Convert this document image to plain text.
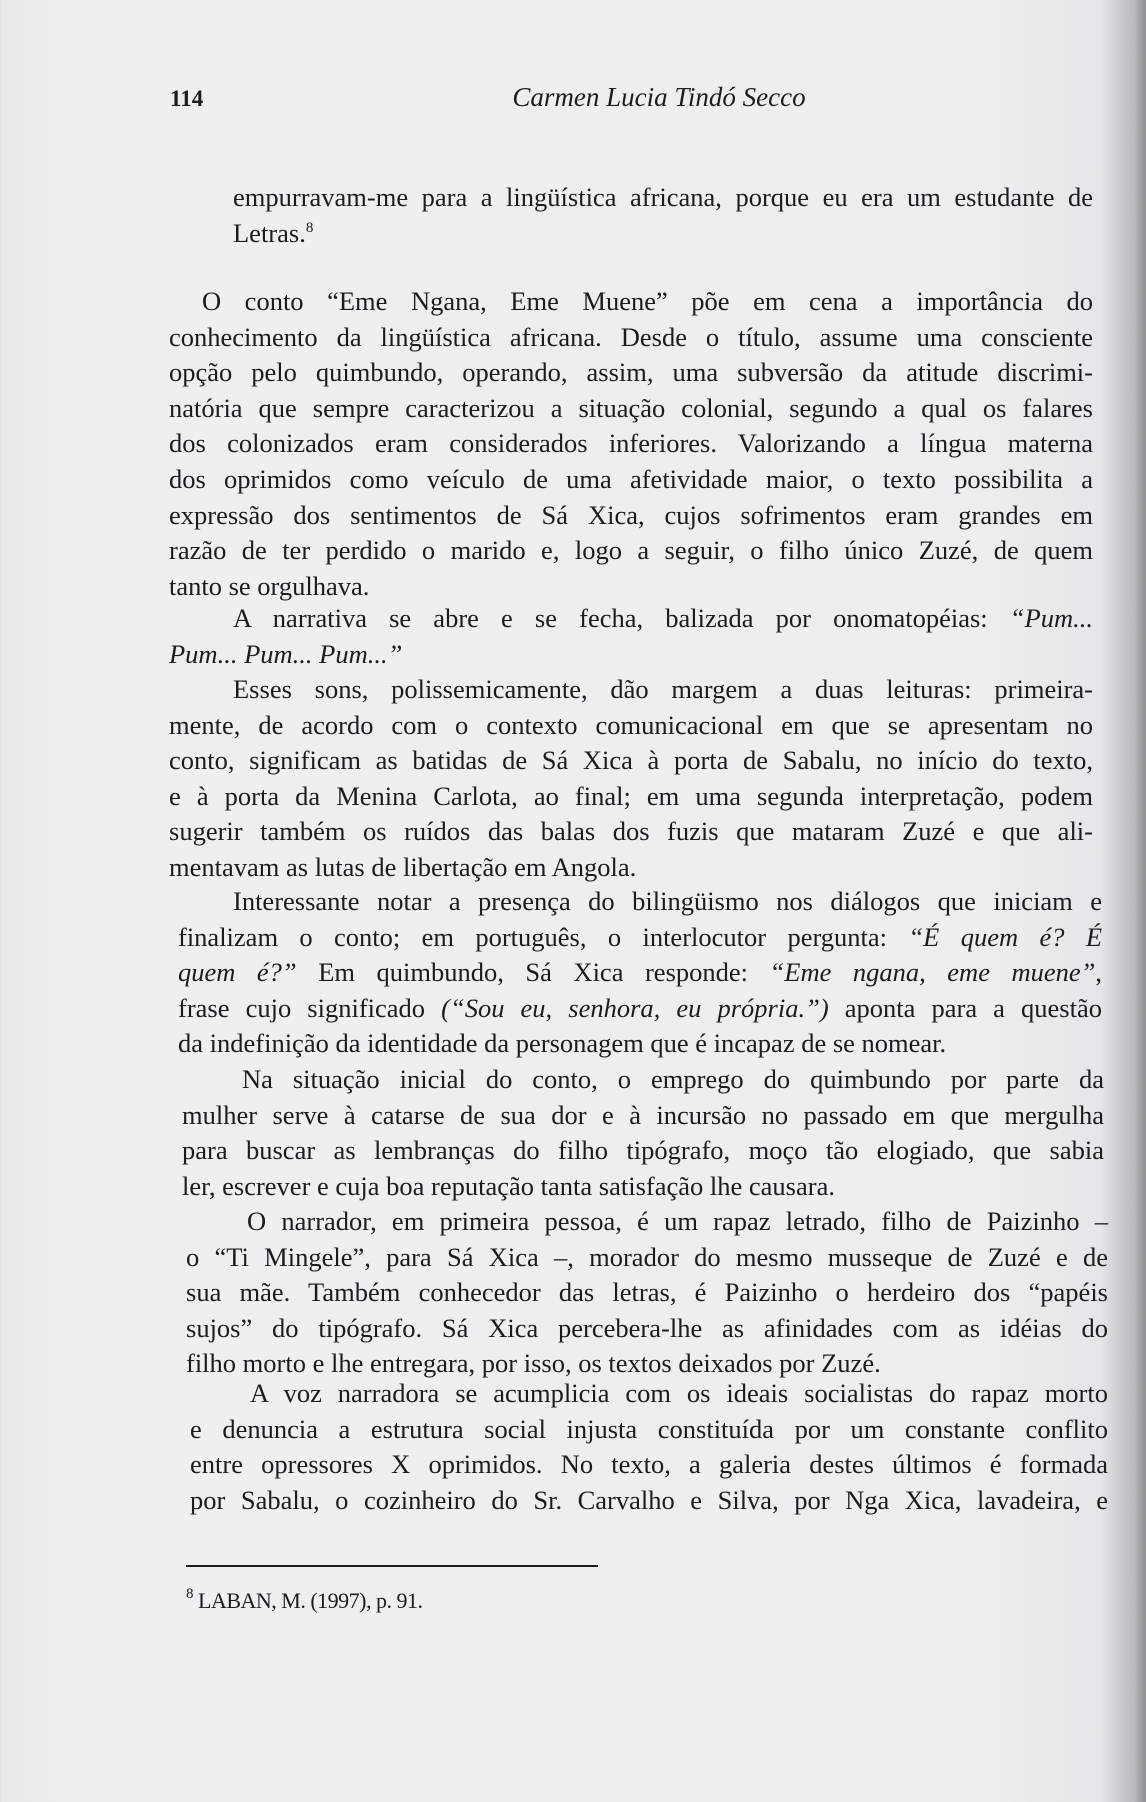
114	Carmen Lucia Tindó Secco
empurravam-me para a lingüística africana, porque eu era um estudante de
Letras.$^8$
O conto “Eme Ngana, Eme Muene” põe em cena a importância do
conhecimento da lingüística africana. Desde o título, assume uma consciente
opção pelo quimbundo, operando, assim, uma subversão da atitude discrimi-
natória que sempre caracterizou a situação colonial, segundo a qual os falares
dos colonizados eram considerados inferiores. Valorizando a língua materna
dos oprimidos como veículo de uma afetividade maior, o texto possibilita a
expressão dos sentimentos de Sá Xica, cujos sofrimentos eram grandes em
razão de ter perdido o marido e, logo a seguir, o filho único Zuzé, de quem
tanto se orgulhava.
A narrativa se abre e se fecha, balizada por onomatopéias: “Pum...
Pum... Pum... Pum...”
Esses sons, polissemicamente, dão margem a duas leituras: primeira-
mente, de acordo com o contexto comunicacional em que se apresentam no
conto, significam as batidas de Sá Xica à porta de Sabalu, no início do texto,
e à porta da Menina Carlota, ao final; em uma segunda interpretação, podem
sugerir também os ruídos das balas dos fuzis que mataram Zuzé e que ali-
mentavam as lutas de libertação em Angola.
Interessante notar a presença do bilingüismo nos diálogos que iniciam e
finalizam o conto; em português, o interlocutor pergunta: “É quem é? É
quem é?” Em quimbundo, Sá Xica responde: “Eme ngana, eme muene”,
frase cujo significado (“Sou eu, senhora, eu própria.”) aponta para a questão
da indefinição da identidade da personagem que é incapaz de se nomear.
Na situação inicial do conto, o emprego do quimbundo por parte da
mulher serve à catarse de sua dor e à incursão no passado em que mergulha
para buscar as lembranças do filho tipógrafo, moço tão elogiado, que sabia
ler, escrever e cuja boa reputação tanta satisfação lhe causara.
O narrador, em primeira pessoa, é um rapaz letrado, filho de Paizinho –
o “Ti Mingele”, para Sá Xica –, morador do mesmo musseque de Zuzé e de
sua mãe. Também conhecedor das letras, é Paizinho o herdeiro dos “papéis
sujos” do tipógrafo. Sá Xica percebera-lhe as afinidades com as idéias do
filho morto e lhe entregara, por isso, os textos deixados por Zuzé.
A voz narradora se acumplicia com os ideais socialistas do rapaz morto
e denuncia a estrutura social injusta constituída por um constante conflito
entre opressores X oprimidos. No texto, a galeria destes últimos é formada
por Sabalu, o cozinheiro do Sr. Carvalho e Silva, por Nga Xica, lavadeira, e
$^8$ LABAN, M. (1997), p. 91.
